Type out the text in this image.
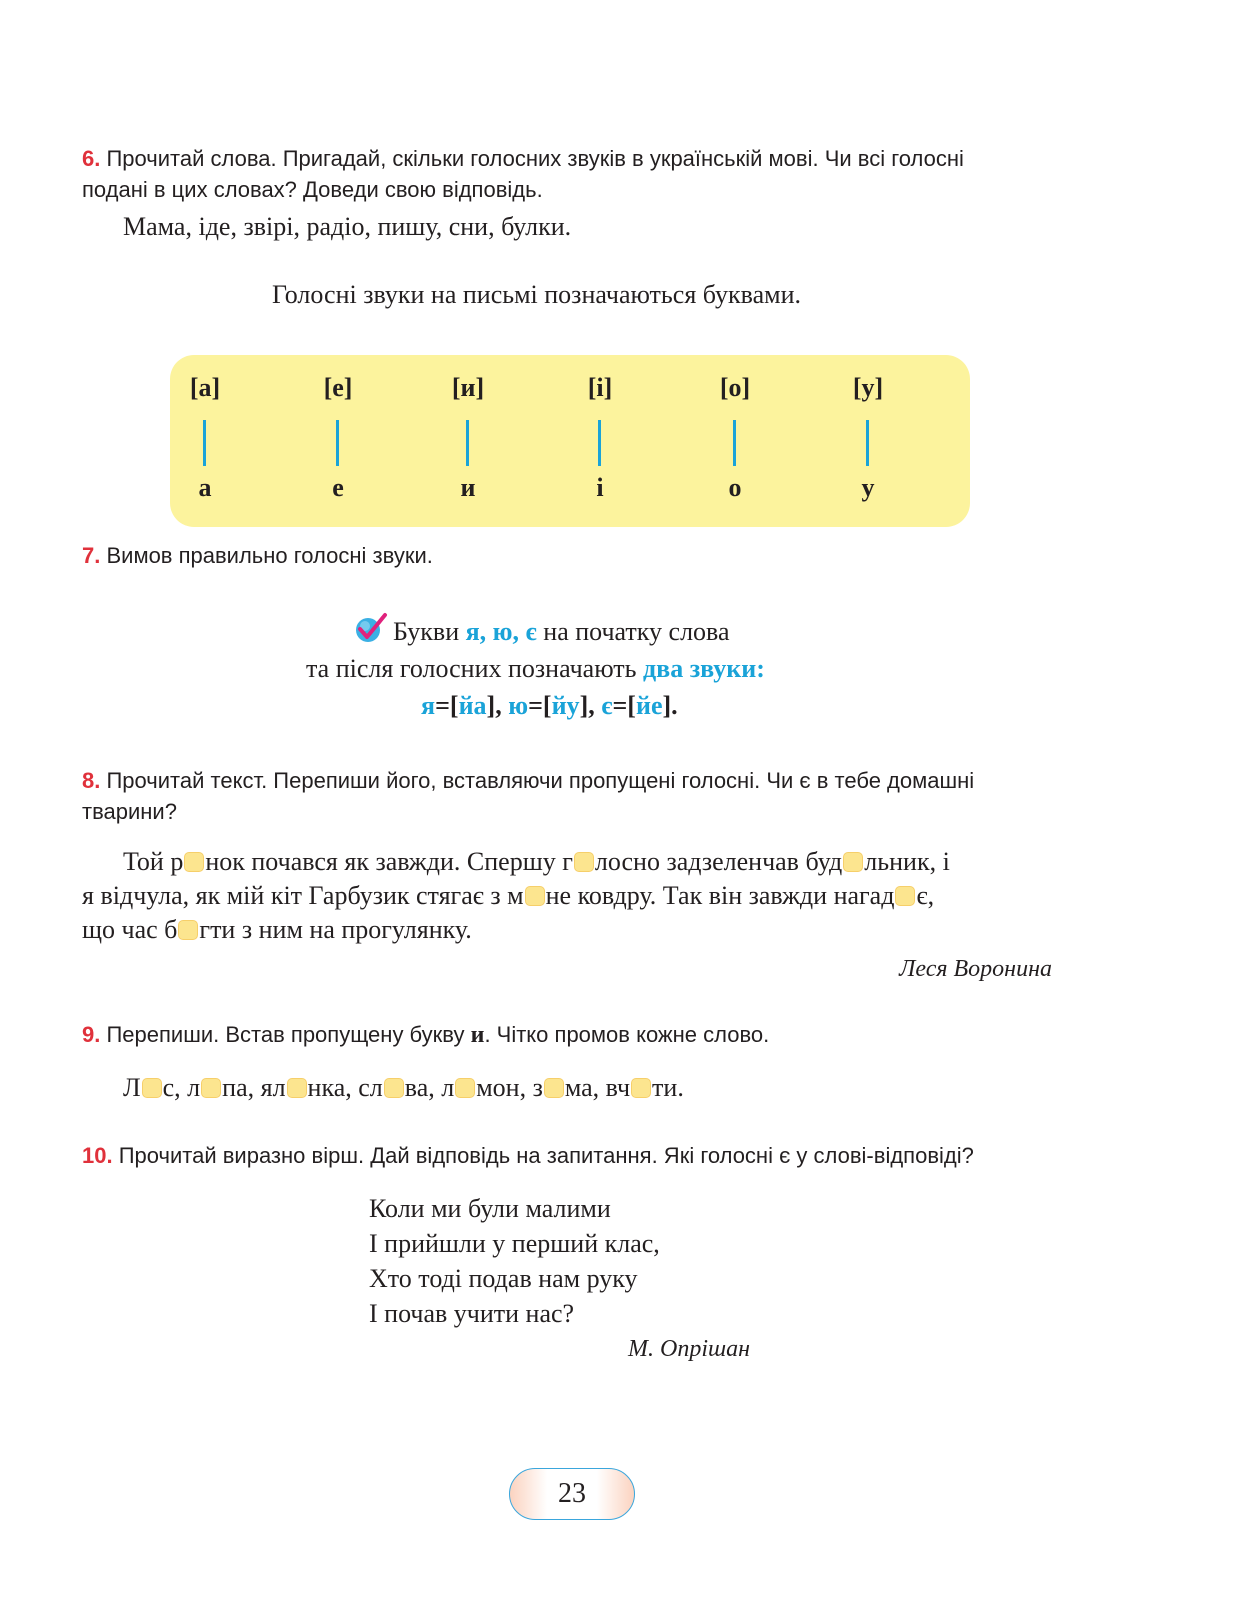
6. Прочитай слова. Пригадай, скільки голосних звуків в українській мові. Чи всі голосні
подані в цих словах? Доведи свою відповідь.
Мама, іде, звірі, радіо, пишу, сни, булки.
Голосні звуки на письмі позначаються буквами.
[а]
а
[е]
е
[и]
и
[і]
і
[о]
о
[у]
у
7. Вимов правильно голосні звуки.
Букви я, ю, є на початку слова
та після голосних позначають два звуки:
я=[йа], ю=[йу], є=[йе].
8. Прочитай текст. Перепиши його, вставляючи пропущені голосні. Чи є в тебе домашні
тварини?
Той р нок почався як завжди. Спершу г лосно задзеленчав буд льник, і
я відчула, як мій кіт Гарбузик стягає з м не ковдру. Так він завжди нагад є,
що час б гти з ним на прогулянку.
Леся Воронина
9. Перепиши. Встав пропущену букву и. Чітко промов кожне слово.
Л с, л па, ял нка, сл ва, л мон, з ма, вч ти.
10. Прочитай виразно вірш. Дай відповідь на запитання. Які голосні є у слові-відповіді?
Коли ми були малими
І прийшли у перший клас,
Хто тоді подав нам руку
І почав учити нас?
М. Опрішан
23
